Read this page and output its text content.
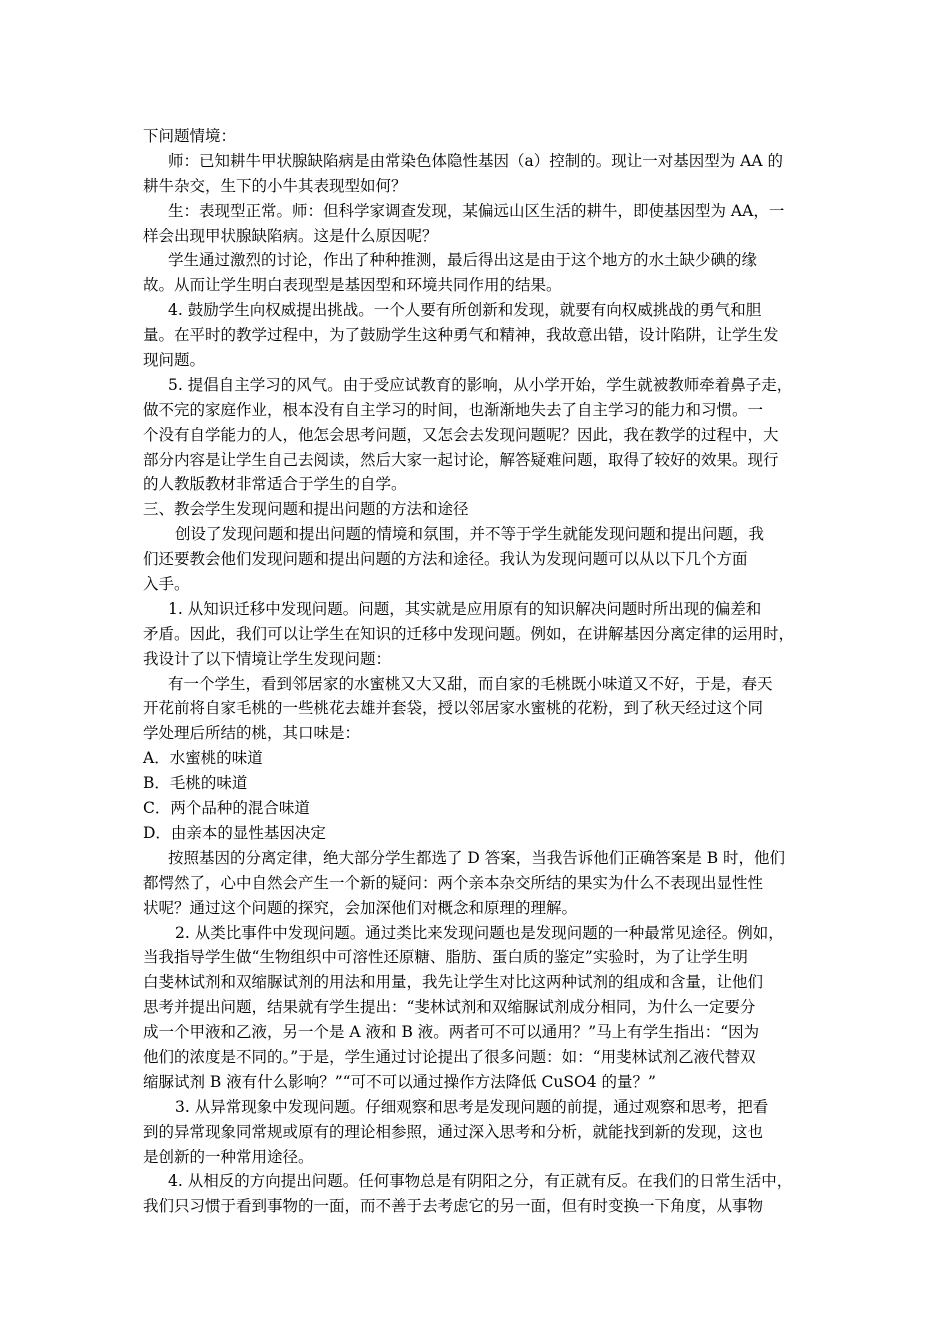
下问题情境：
师：已知耕牛甲状腺缺陷病是由常染色体隐性基因（a）控制的。现让一对基因型为 AA 的
耕牛杂交，生下的小牛其表现型如何？
生：表现型正常。师：但科学家调查发现，某偏远山区生活的耕牛，即使基因型为 AA，一
样会出现甲状腺缺陷病。这是什么原因呢？
学生通过激烈的讨论，作出了种种推测，最后得出这是由于这个地方的水土缺少碘的缘
故。从而让学生明白表现型是基因型和环境共同作用的结果。
4. 鼓励学生向权威提出挑战。一个人要有所创新和发现，就要有向权威挑战的勇气和胆
量。在平时的教学过程中，为了鼓励学生这种勇气和精神，我故意出错，设计陷阱，让学生发
现问题。
5. 提倡自主学习的风气。由于受应试教育的影响，从小学开始，学生就被教师牵着鼻子走，
做不完的家庭作业，根本没有自主学习的时间，也渐渐地失去了自主学习的能力和习惯。一
个没有自学能力的人，他怎会思考问题，又怎会去发现问题呢？因此，我在教学的过程中，大
部分内容是让学生自己去阅读，然后大家一起讨论，解答疑难问题，取得了较好的效果。现行
的人教版教材非常适合于学生的自学。
三、教会学生发现问题和提出问题的方法和途径
创设了发现问题和提出问题的情境和氛围，并不等于学生就能发现问题和提出问题，我
们还要教会他们发现问题和提出问题的方法和途径。我认为发现问题可以从以下几个方面
入手。
1. 从知识迁移中发现问题。问题，其实就是应用原有的知识解决问题时所出现的偏差和
矛盾。因此，我们可以让学生在知识的迁移中发现问题。例如，在讲解基因分离定律的运用时，
我设计了以下情境让学生发现问题：
有一个学生，看到邻居家的水蜜桃又大又甜，而自家的毛桃既小味道又不好，于是，春天
开花前将自家毛桃的一些桃花去雄并套袋，授以邻居家水蜜桃的花粉，到了秋天经过这个同
学处理后所结的桃，其口味是：
A．水蜜桃的味道
B．毛桃的味道
C．两个品种的混合味道
D．由亲本的显性基因决定
按照基因的分离定律，绝大部分学生都选了 D 答案，当我告诉他们正确答案是 B 时，他们
都愕然了，心中自然会产生一个新的疑问：两个亲本杂交所结的果实为什么不表现出显性性
状呢？通过这个问题的探究，会加深他们对概念和原理的理解。
2. 从类比事件中发现问题。通过类比来发现问题也是发现问题的一种最常见途径。例如，
当我指导学生做“生物组织中可溶性还原糖、脂肪、蛋白质的鉴定”实验时，为了让学生明
白斐林试剂和双缩脲试剂的用法和用量，我先让学生对比这两种试剂的组成和含量，让他们
思考并提出问题，结果就有学生提出：“斐林试剂和双缩脲试剂成分相同，为什么一定要分
成一个甲液和乙液，另一个是 A 液和 B 液。两者可不可以通用？”马上有学生指出：“因为
他们的浓度是不同的。”于是，学生通过讨论提出了很多问题：如：“用斐林试剂乙液代替双
缩脲试剂 B 液有什么影响？”“可不可以通过操作方法降低 CuSO4 的量？”
3. 从异常现象中发现问题。仔细观察和思考是发现问题的前提，通过观察和思考，把看
到的异常现象同常规或原有的理论相参照，通过深入思考和分析，就能找到新的发现，这也
是创新的一种常用途径。
4. 从相反的方向提出问题。任何事物总是有阴阳之分，有正就有反。在我们的日常生活中，
我们只习惯于看到事物的一面，而不善于去考虑它的另一面，但有时变换一下角度，从事物
